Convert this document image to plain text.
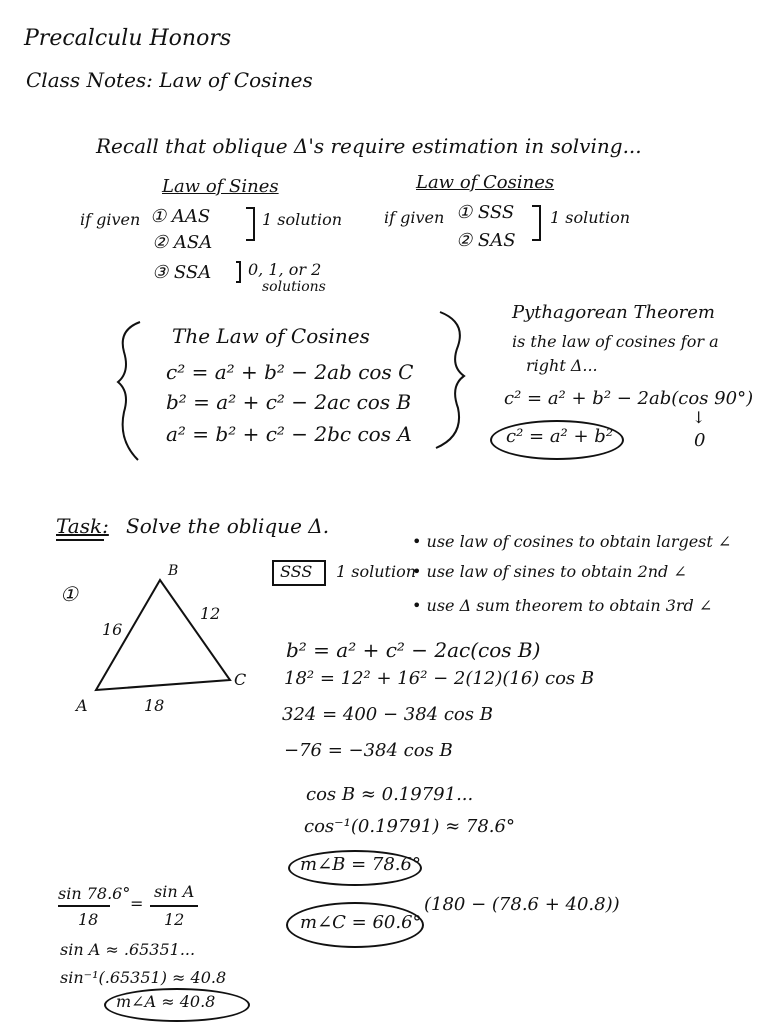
Precalculu Honors
Class Notes: Law of Cosines
Recall that oblique Δ's require estimation in solving...
Law of Sines
if given ① AAS
② ASA
1 solution
③ SSA 0, 1, or 2
solutions
Law of Cosines
if given ① SSS
② SAS
1 solution
The Law of Cosines
c² = a² + b² − 2ab cos C
b² = a² + c² − 2ac cos B
a² = b² + c² − 2bc cos A
Pythagorean Theorem
is the law of cosines for a
right Δ...
c² = a² + b² − 2ab(cos 90°)
↓
0
c² = a² + b²
Task: Solve the oblique Δ.
①
SSS 1 solution
• use law of cosines to obtain largest ∠
• use law of sines to obtain 2nd ∠
• use Δ sum theorem to obtain 3rd ∠
B
A
C
16
12
18
b² = a² + c² − 2ac(cos B)
18² = 12² + 16² − 2(12)(16) cos B
324 = 400 − 384 cos B
−76 = −384 cos B
cos B ≈ 0.19791...
cos⁻¹(0.19791) ≈ 78.6°
m∠B = 78.6°
m∠C = 60.6°
(180 − (78.6 + 40.8))
sin 78.6°
18
=
sin A
12
sin A ≈ .65351...
sin⁻¹(.65351) ≈ 40.8
m∠A ≈ 40.8
